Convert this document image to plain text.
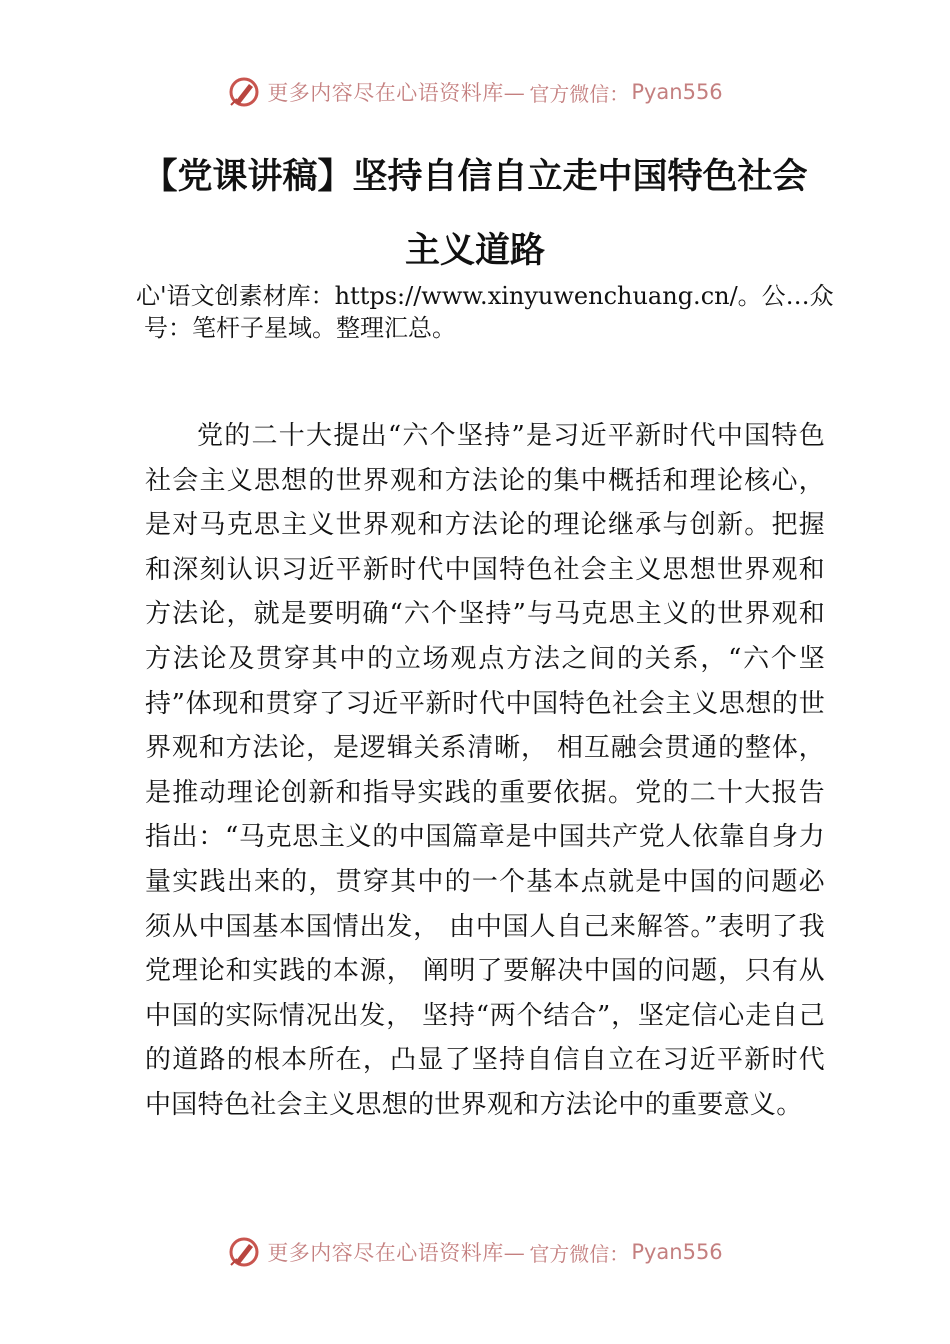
更多内容尽在心语资料库— 官方微信： Pyan556
【党课讲稿】坚持自信自立走中国特色社会
主义道路
心'语文创素材库：https://www.xinyuwenchuang.cn/。公…众号：笔杆子星域。整理汇总。
党的二十大提出“六个坚持”是习近平新时代中国特色社会主义思想的世界观和方法论的集中概括和理论核心，是对马克思主义世界观和方法论的理论继承与创新。把握和深刻认识习近平新时代中国特色社会主义思想世界观和方法论，就是要明确“六个坚持”与马克思主义的世界观和方法论及贯穿其中的立场观点方法之间的关系，“六个坚持”体现和贯穿了习近平新时代中国特色社会主义思想的世界观和方法论，是逻辑关系清晰， 相互融会贯通的整体，是推动理论创新和指导实践的重要依据。党的二十大报告指出：“马克思主义的中国篇章是中国共产党人依靠自身力量实践出来的，贯穿其中的一个基本点就是中国的问题必须从中国基本国情出发， 由中国人自己来解答。”表明了我党理论和实践的本源， 阐明了要解决中国的问题，只有从中国的实际情况出发， 坚持“两个结合”，坚定信心走自己的道路的根本所在，凸显了坚持自信自立在习近平新时代中国特色社会主义思想的世界观和方法论中的重要意义。
更多内容尽在心语资料库— 官方微信： Pyan556
